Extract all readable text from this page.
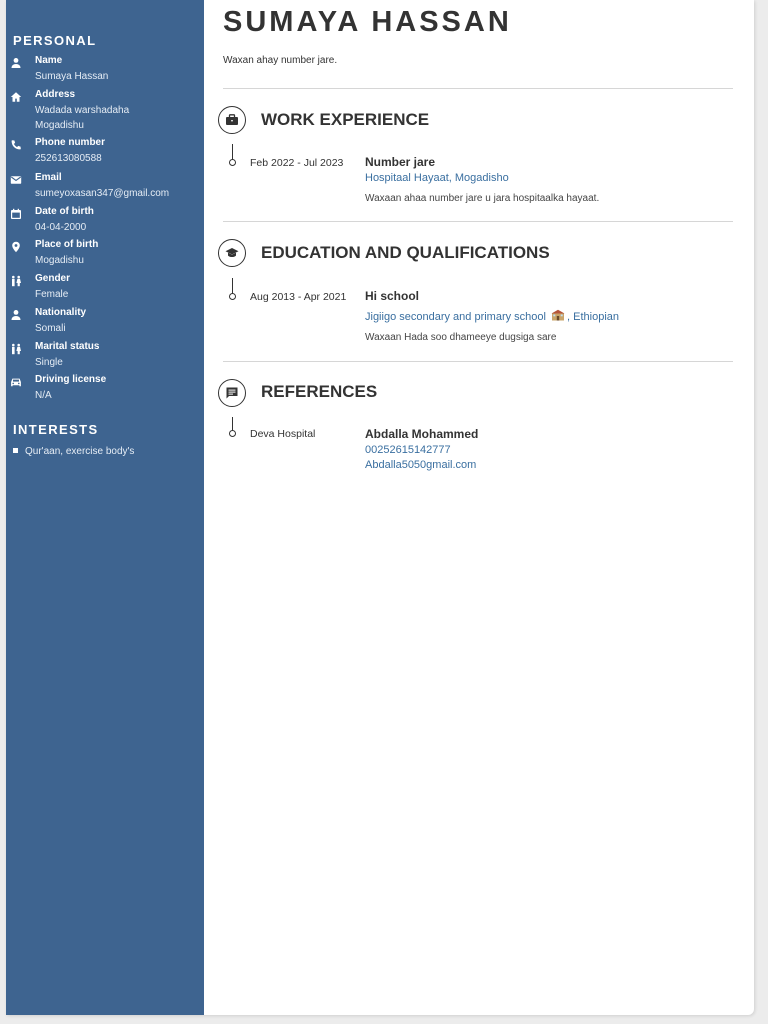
PERSONAL
Name
Sumaya Hassan
Address
Wadada warshadaha
Mogadishu
Phone number
252613080588
Email
sumeyoxasan347@gmail.com
Date of birth
04-04-2000
Place of birth
Mogadishu
Gender
Female
Nationality
Somali
Marital status
Single
Driving license
N/A
INTERESTS
Qur'aan, exercise body's
SUMAYA HASSAN
Waxan ahay number jare.
WORK EXPERIENCE
Feb 2022 - Jul 2023 Number jare
Hospitaal Hayaat, Mogadisho
Waxaan ahaa number jare u jara hospitaalka hayaat.
EDUCATION AND QUALIFICATIONS
Aug 2013 - Apr 2021 Hi school
Jigiigo secondary and primary school , Ethiopian
Waxaan Hada soo dhameeye dugsiga sare
REFERENCES
Deva Hospital	Abdalla Mohammed
00252615142777
Abdalla5050gmail.com
